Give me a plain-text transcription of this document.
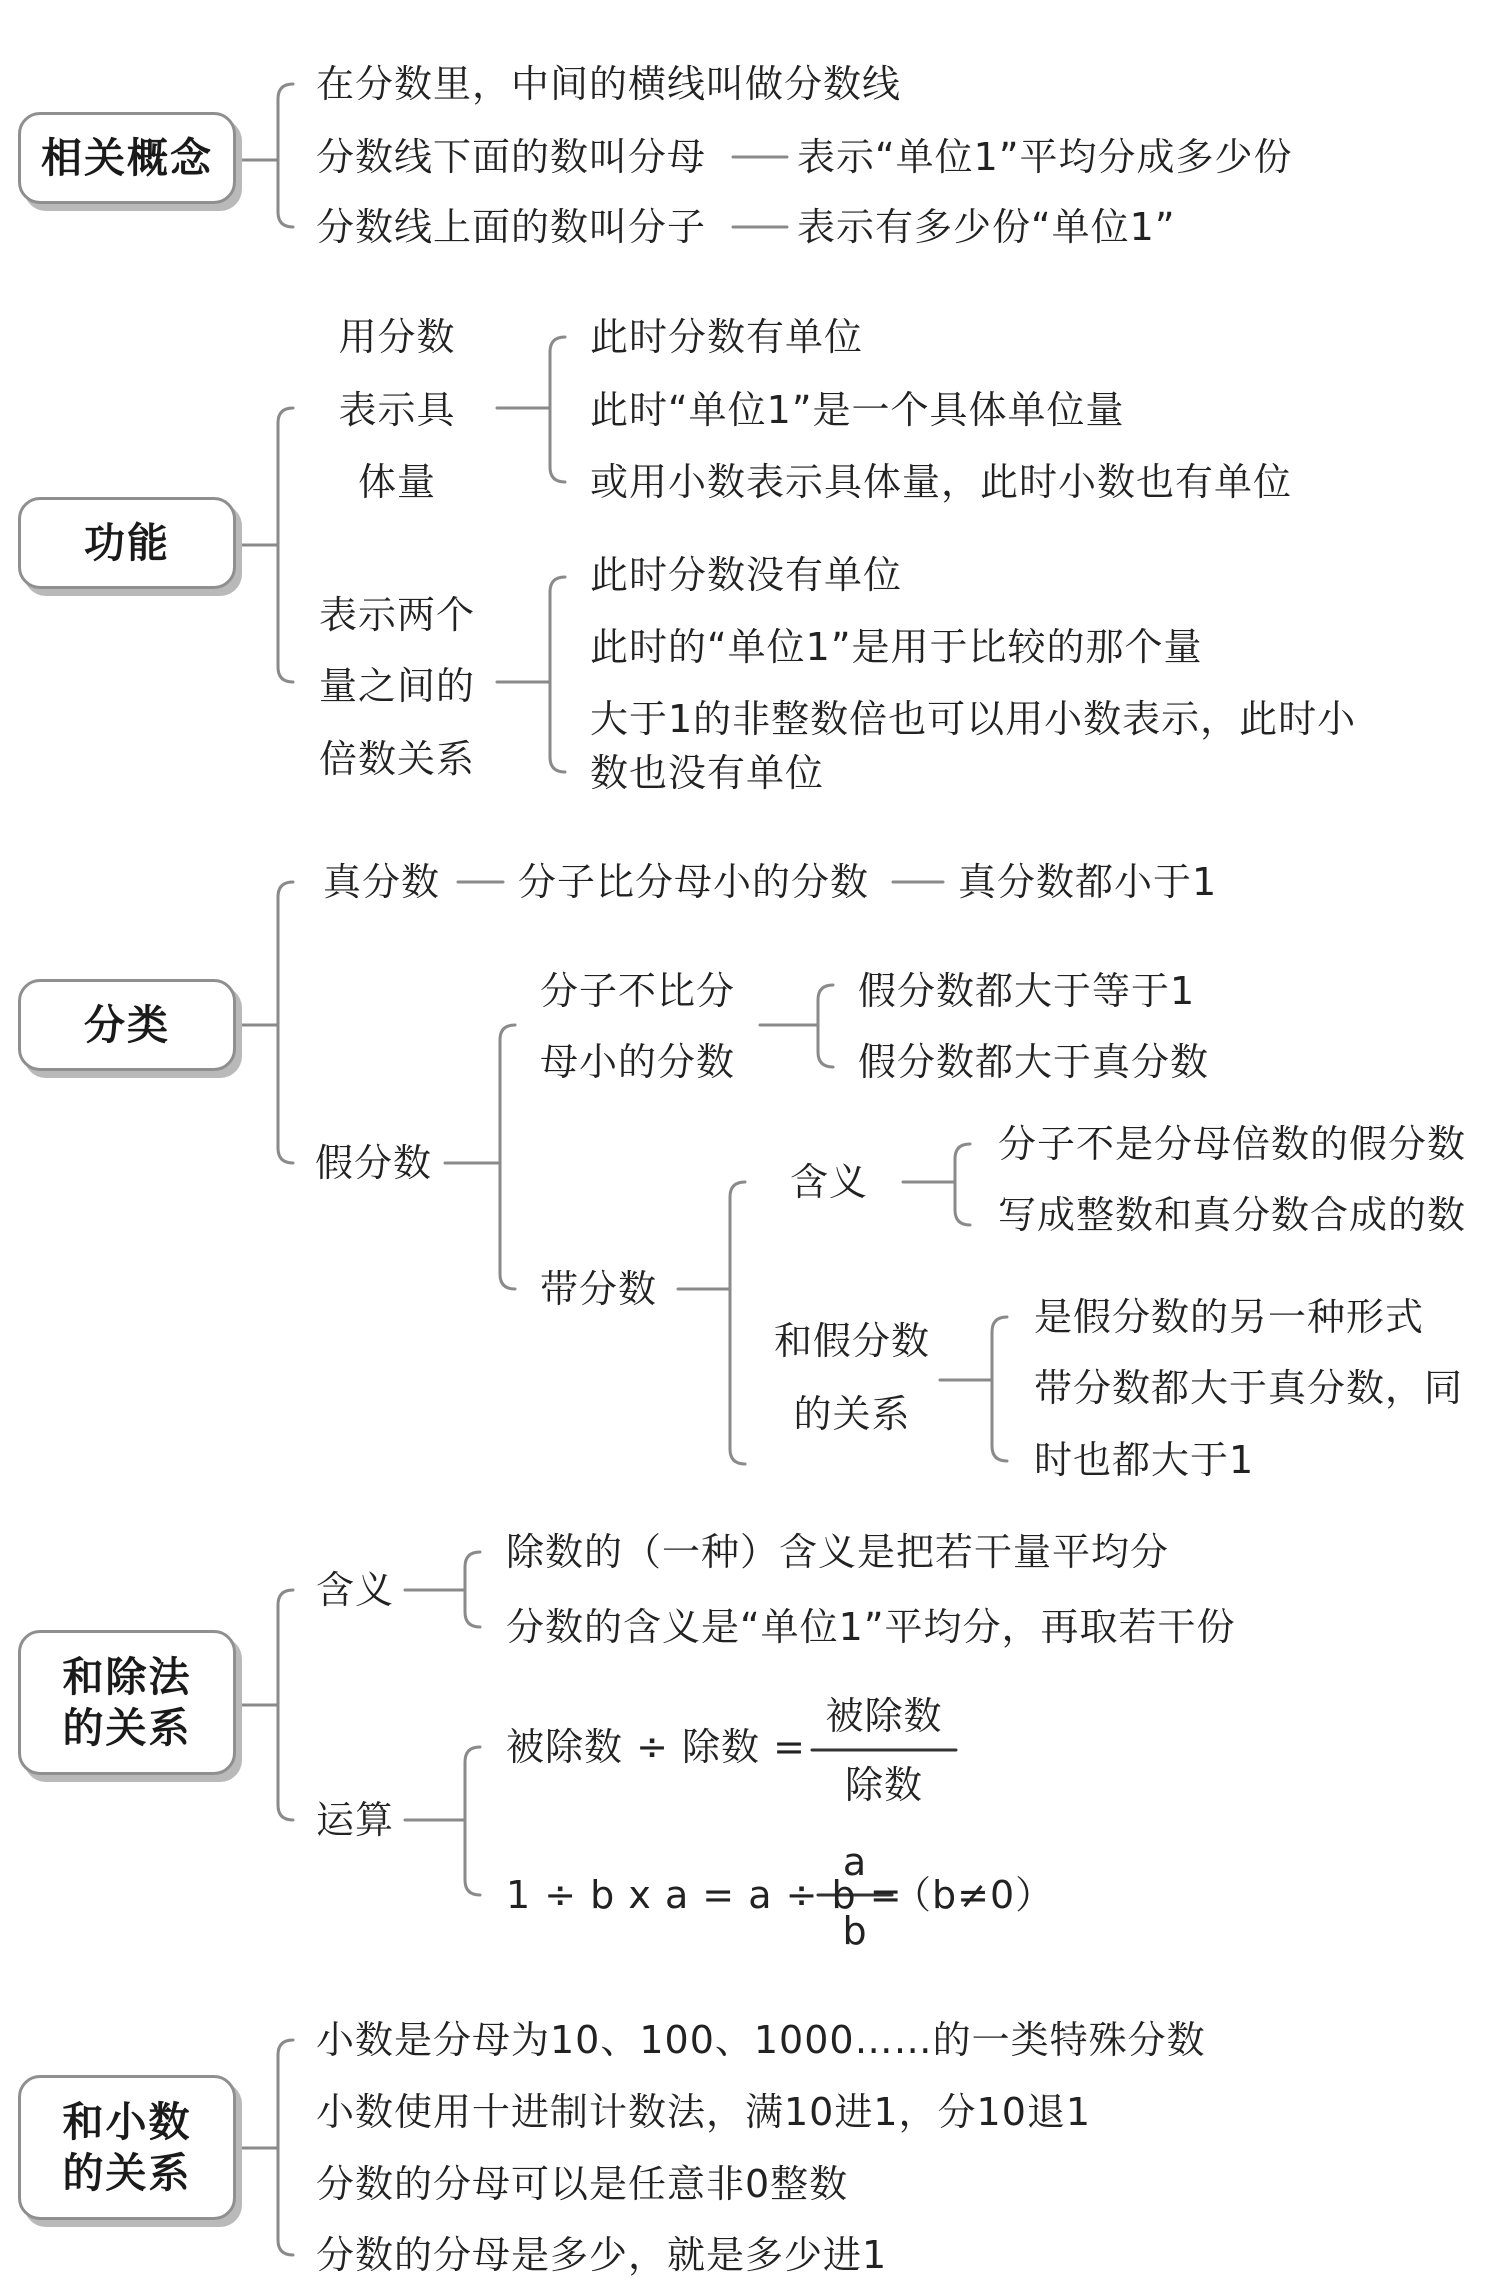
相关概念
在分数里，中间的横线叫做分数线
分数线下面的数叫分母 表示“单位1”平均分成多少份
分数线上面的数叫分子 表示有多少份“单位1”
功能
用分数
表示具
体量
此时分数有单位
此时“单位1”是一个具体单位量
或用小数表示具体量，此时小数也有单位
表示两个
量之间的
倍数关系
此时分数没有单位
此时的“单位1”是用于比较的那个量
大于1的非整数倍也可以用小数表示，此时小
数也没有单位
分类
真分数 分子比分母小的分数 真分数都小于1
假分数
分子不比分
母小的分数
假分数都大于等于1
假分数都大于真分数
带分数
含义
分子不是分母倍数的假分数
写成整数和真分数合成的数
和假分数
的关系
是假分数的另一种形式
带分数都大于真分数，同
时也都大于1
和除法
的关系
含义
除数的（一种）含义是把若干量平均分
分数的含义是“单位1”平均分，再取若干份
运算
被除数 ÷ 除数 =
被除数
除数
1 ÷ b x a = a ÷ b =
a
b
（b≠0）
和小数
的关系
小数是分母为10、100、1000……的一类特殊分数
小数使用十进制计数法，满10进1，分10退1
分数的分母可以是任意非0整数
分数的分母是多少，就是多少进1
